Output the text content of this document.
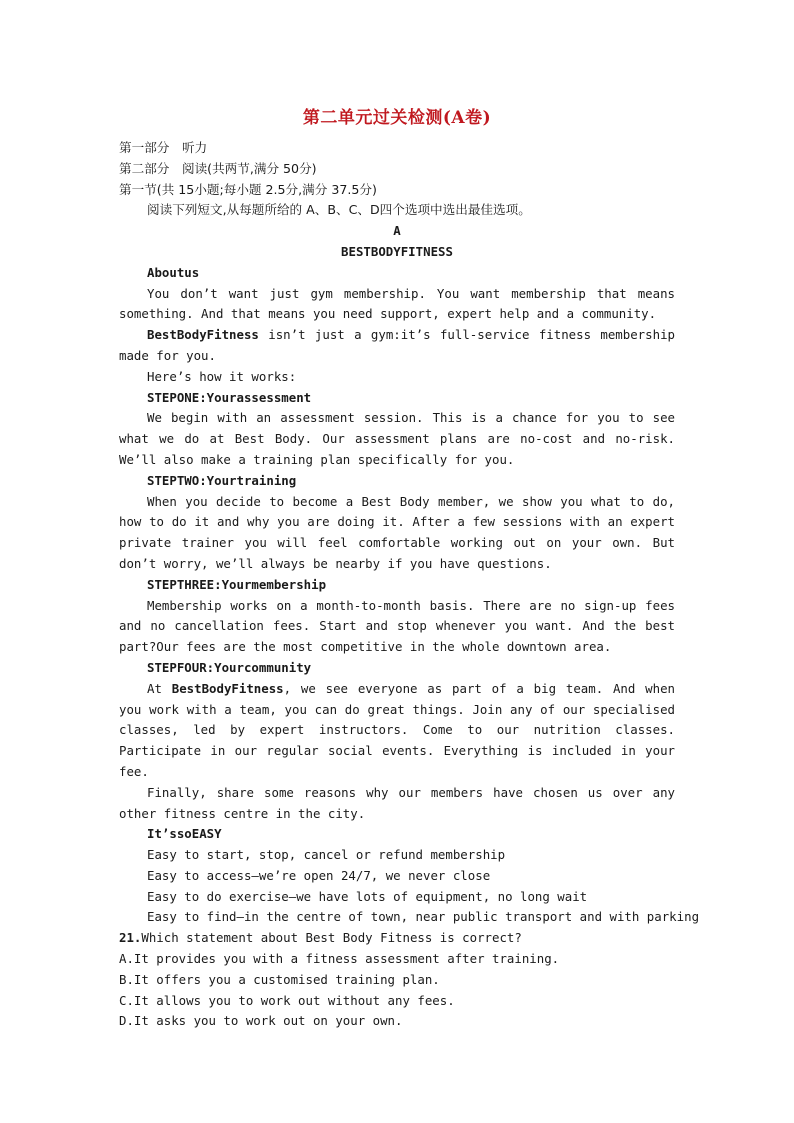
第二单元过关检测(A卷)
第一部分　听力
第二部分　阅读(共两节,满分 50分)
第一节(共 15小题;每小题 2.5分,满分 37.5分)
阅读下列短文,从每题所给的 A、B、C、D四个选项中选出最佳选项。
A
BESTBODYFITNESS
Aboutus

You don’t want just gym membership. You want membership that means something. And that means you need support, expert help and a community.

BestBodyFitness isn’t just a gym:it’s full-service fitness membership made for you.

Here’s how it works:
STEPONE:Yourassessment

We begin with an assessment session. This is a chance for you to see what we do at Best Body. Our assessment plans are no-cost and no-risk. We’ll also make a training plan specifically for you.

STEPTWO:Yourtraining

When you decide to become a Best Body member, we show you what to do, how to do it and why you are doing it. After a few sessions with an expert private trainer you will feel comfortable working out on your own. But don’t worry, we’ll always be nearby if you have questions.

STEPTHREE:Yourmembership

Membership works on a month-to-month basis. There are no sign-up fees and no cancellation fees. Start and stop whenever you want. And the best part?Our fees are the most competitive in the whole downtown area.

STEPFOUR:Yourcommunity

At BestBodyFitness, we see everyone as part of a big team. And when you work with a team, you can do great things. Join any of our specialised classes, led by expert instructors. Come to our nutrition classes. Participate in our regular social events. Everything is included in your fee.

Finally, share some reasons why our members have chosen us over any other fitness centre in the city.

It’ssoEASY
Easy to start, stop, cancel or refund membership
Easy to access—we’re open 24/7, we never close
Easy to do exercise—we have lots of equipment, no long wait
Easy to find—in the centre of town, near public transport and with parking
21.Which statement about Best Body Fitness is correct?
A.It provides you with a fitness assessment after training.
B.It offers you a customised training plan.
C.It allows you to work out without any fees.
D.It asks you to work out on your own.
